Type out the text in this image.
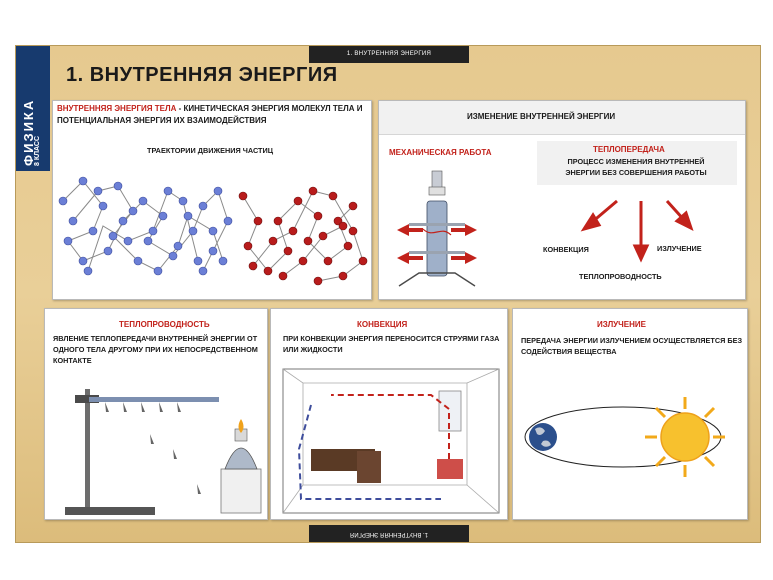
ФИЗИКА
8 КЛАСС
1. ВНУТРЕННЯЯ ЭНЕРГИЯ
1. ВНУТРЕННЯЯ ЭНЕРГИЯ
1. ВНУТРЕННЯЯ ЭНЕРГИЯ
ВНУТРЕННЯЯ ЭНЕРГИЯ ТЕЛА - КИНЕТИЧЕСКАЯ ЭНЕРГИЯ МОЛЕКУЛ ТЕЛА И ПОТЕНЦИАЛЬНАЯ ЭНЕРГИЯ ИХ ВЗАИМОДЕЙСТВИЯ
ТРАЕКТОРИИ ДВИЖЕНИЯ ЧАСТИЦ
ИЗМЕНЕНИЕ ВНУТРЕННЕЙ ЭНЕРГИИ
МЕХАНИЧЕСКАЯ РАБОТА	ТЕПЛОПЕРЕДАЧА
ПРОЦЕСС ИЗМЕНЕНИЯ ВНУТРЕННЕЙ ЭНЕРГИИ БЕЗ СОВЕРШЕНИЯ РАБОТЫ
КОНВЕКЦИЯ	ИЗЛУЧЕНИЕ
ТЕПЛОПРОВОДНОСТЬ
ТЕПЛОПРОВОДНОСТЬ
ЯВЛЕНИЕ ТЕПЛОПЕРЕДАЧИ ВНУТРЕННЕЙ ЭНЕРГИИ ОТ ОДНОГО ТЕЛА ДРУГОМУ ПРИ ИХ НЕПОСРЕДСТВЕННОМ КОНТАКТЕ
КОНВЕКЦИЯ
ПРИ КОНВЕКЦИИ ЭНЕРГИЯ ПЕРЕНОСИТСЯ СТРУЯМИ ГАЗА ИЛИ ЖИДКОСТИ
ИЗЛУЧЕНИЕ
ПЕРЕДАЧА ЭНЕРГИИ ИЗЛУЧЕНИЕМ ОСУЩЕСТВЛЯЕТСЯ БЕЗ СОДЕЙСТВИЯ ВЕЩЕСТВА
